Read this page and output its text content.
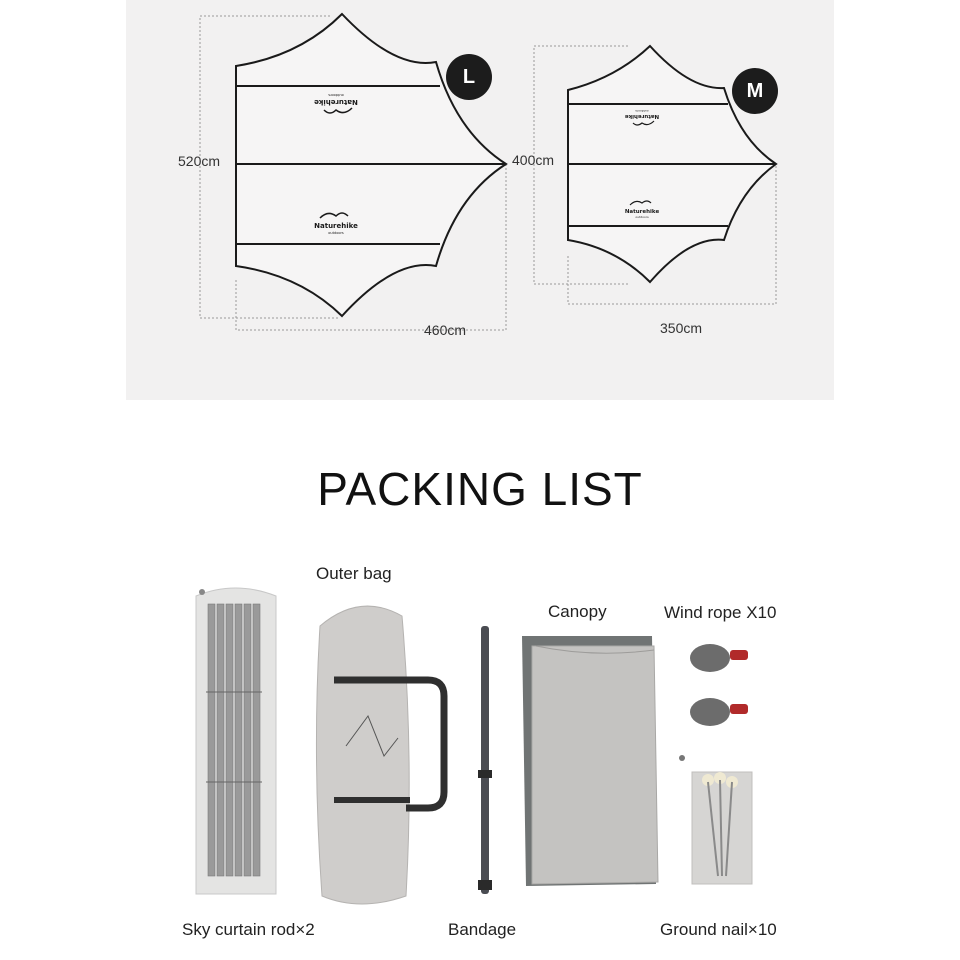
Naturehike
outdoors
Naturehike
outdoors
Naturehike
outdoors
Naturehike
outdoors
L
M
520cm
460cm
400cm
350cm
PACKING LIST
Sky curtain rod×2
Outer bag
Bandage
Canopy	Wind rope X10
Ground nail×10
